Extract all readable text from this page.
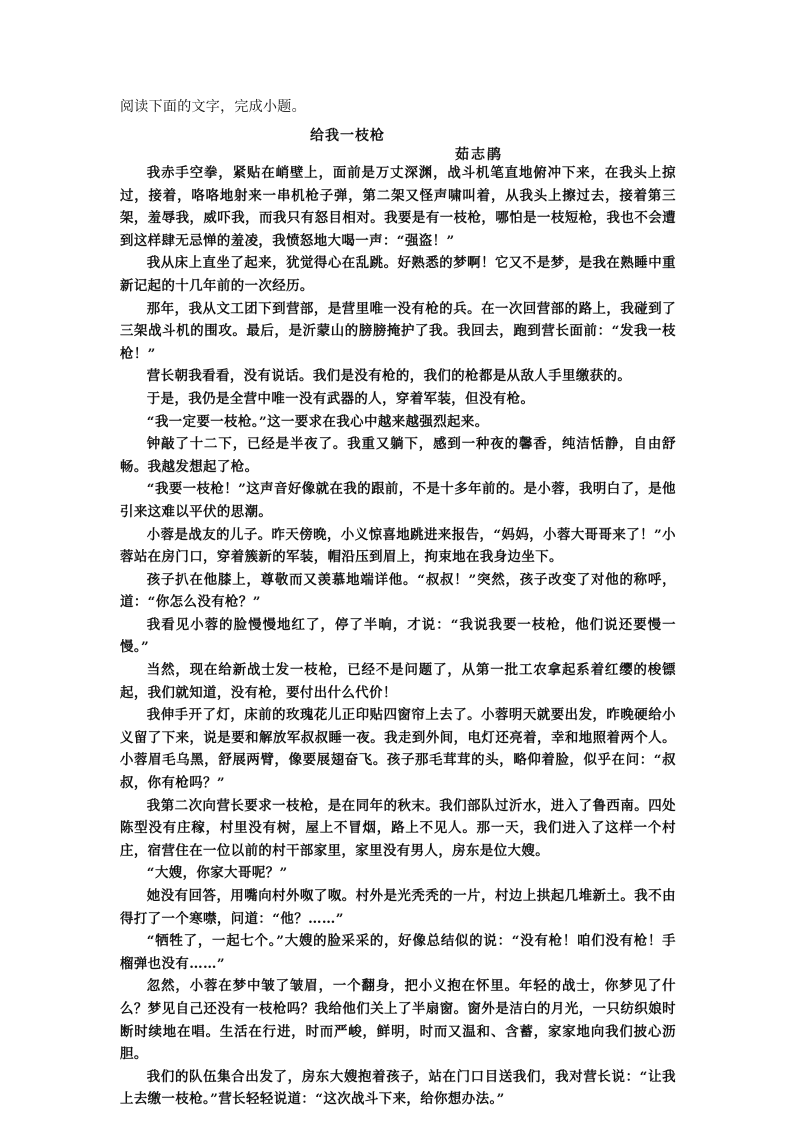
阅读下面的文字，完成小题。
给我一枝枪
茹志鹃

我赤手空拳，紧贴在峭壁上，面前是万丈深渊，战斗机笔直地俯冲下来，在我头上掠过，接着，咯咯地射来一串机枪子弹，第二架又怪声啸叫着，从我头上擦过去，接着第三架，羞辱我，威吓我，而我只有怒目相对。我要是有一枝枪，哪怕是一枝短枪，我也不会遭到这样肆无忌惮的羞凌，我愤怒地大喝一声：“强盗！”

我从床上直坐了起来，犹觉得心在乱跳。好熟悉的梦啊！它又不是梦，是我在熟睡中重新记起的十几年前的一次经历。

那年，我从文工团下到营部，是营里唯一没有枪的兵。在一次回营部的路上，我碰到了三架战斗机的围攻。最后，是沂蒙山的膀膀掩护了我。我回去，跑到营长面前：“发我一枝枪！”

营长朝我看看，没有说话。我们是没有枪的，我们的枪都是从敌人手里缴获的。

于是，我仍是全营中唯一没有武器的人，穿着军装，但没有枪。

“我一定要一枝枪。”这一要求在我心中越来越强烈起来。

钟敲了十二下，已经是半夜了。我重又躺下，感到一种夜的馨香，纯洁恬静，自由舒畅。我越发想起了枪。

“我要一枝枪！”这声音好像就在我的跟前，不是十多年前的。是小蓉，我明白了，是他引来这难以平伏的思潮。

小蓉是战友的儿子。昨天傍晚，小义惊喜地跳进来报告，“妈妈，小蓉大哥哥来了！”小蓉站在房门口，穿着簇新的军装，帽沿压到眉上，拘束地在我身边坐下。

孩子扒在他膝上，尊敬而又羡慕地端详他。“叔叔！”突然，孩子改变了对他的称呼，道：“你怎么没有枪？”

我看见小蓉的脸慢慢地红了，停了半晌，才说：“我说我要一枝枪，他们说还要慢一慢。”

当然，现在给新战士发一枝枪，已经不是问题了，从第一批工农拿起系着红缨的梭镖起，我们就知道，没有枪，要付出什么代价！

我伸手开了灯，床前的玫瑰花儿正印贴四窗帘上去了。小蓉明天就要出发，昨晚硬给小义留了下来，说是要和解放军叔叔睡一夜。我走到外间，电灯还亮着，幸和地照着两个人。小蓉眉毛乌黑，舒展两臂，像要展翅奋飞。孩子那毛茸茸的头，略仰着脸，似乎在问：“叔叔，你有枪吗？”

我第二次向营长要求一枝枪，是在同年的秋末。我们部队过沂水，进入了鲁西南。四处陈型没有庄稼，村里没有树，屋上不冒烟，路上不见人。那一天，我们进入了这样一个村庄，宿营住在一位以前的村干部家里，家里没有男人，房东是位大嫂。

“大嫂，你家大哥呢？”

她没有回答，用嘴向村外呶了呶。村外是光秃秃的一片，村边上拱起几堆新土。我不由得打了一个寒噤，问道：“他？……”

“牺牲了，一起七个。”大嫂的脸采采的，好像总结似的说：“没有枪！咱们没有枪！手榴弹也没有……”

忽然，小蓉在梦中皱了皱眉，一个翻身，把小义抱在怀里。年轻的战士，你梦见了什么？梦见自己还没有一枝枪吗？我给他们关上了半扇窗。窗外是洁白的月光，一只纺织娘时断时续地在唱。生活在行进，时而严峻，鲜明，时而又温和、含蓄，家家地向我们披心沥胆。

我们的队伍集合出发了，房东大嫂抱着孩子，站在门口目送我们，我对营长说：“让我上去缴一枝枪。”营长轻轻说道：“这次战斗下来，给你想办法。”
